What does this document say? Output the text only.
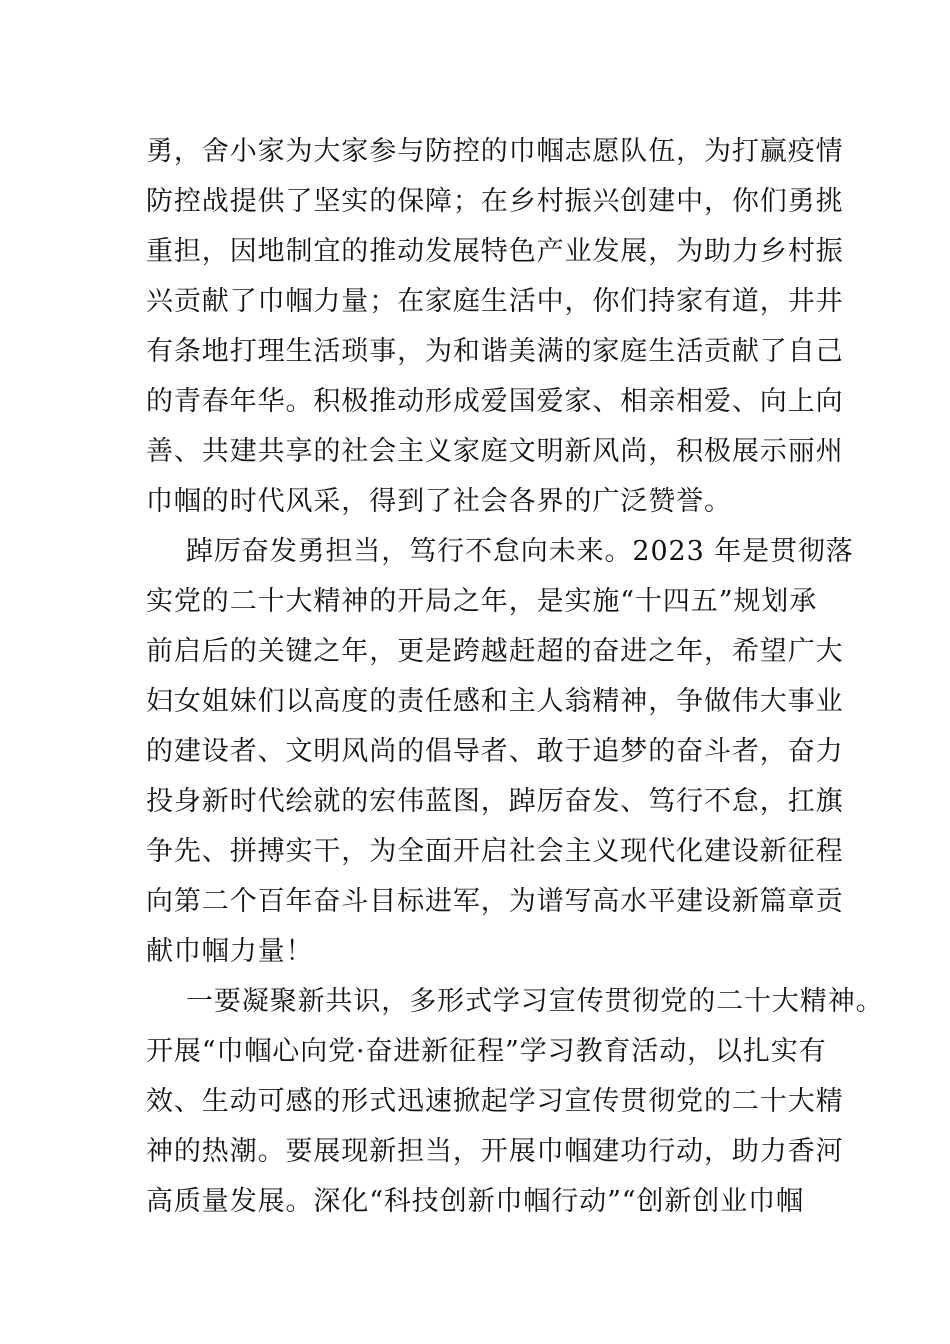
勇，舍小家为大家参与防控的巾帼志愿队伍，为打赢疫情

防控战提供了坚实的保障；在乡村振兴创建中，你们勇挑

重担，因地制宜的推动发展特色产业发展，为助力乡村振

兴贡献了巾帼力量；在家庭生活中，你们持家有道，井井

有条地打理生活琐事，为和谐美满的家庭生活贡献了自己

的青春年华。积极推动形成爱国爱家、相亲相爱、向上向

善、共建共享的社会主义家庭文明新风尚，积极展示丽州

巾帼的时代风采，得到了社会各界的广泛赞誉。

踔厉奋发勇担当，笃行不怠向未来。2023 年是贯彻落

实党的二十大精神的开局之年，是实施“十四五”规划承

前启后的关键之年，更是跨越赶超的奋进之年，希望广大

妇女姐妹们以高度的责任感和主人翁精神，争做伟大事业

的建设者、文明风尚的倡导者、敢于追梦的奋斗者，奋力

投身新时代绘就的宏伟蓝图，踔厉奋发、笃行不怠，扛旗

争先、拼搏实干，为全面开启社会主义现代化建设新征程

向第二个百年奋斗目标进军，为谱写高水平建设新篇章贡

献巾帼力量！

一要凝聚新共识，多形式学习宣传贯彻党的二十大精神。

开展“巾帼心向党·奋进新征程”学习教育活动，以扎实有

效、生动可感的形式迅速掀起学习宣传贯彻党的二十大精

神的热潮。要展现新担当，开展巾帼建功行动，助力香河

高质量发展。深化“科技创新巾帼行动”“创新创业巾帼
